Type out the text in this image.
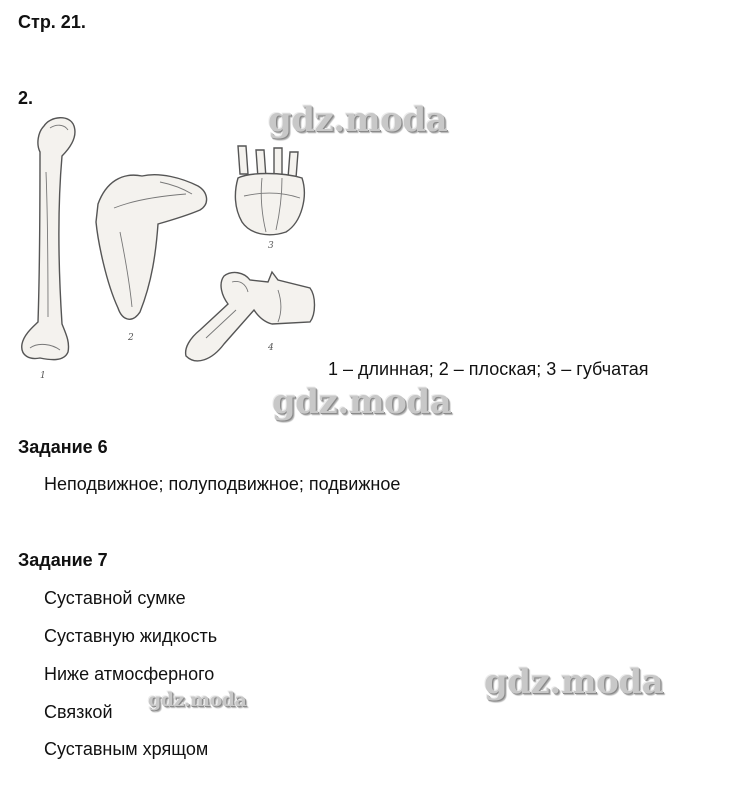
Стр. 21.
2.
1
2
3
4
1 – длинная; 2 – плоская; 3 – губчатая
gdz.moda
gdz.moda
gdz.moda
gdz.moda
Задание 6
Неподвижное; полуподвижное; подвижное
Задание 7
Суставной сумке
Суставную жидкость
Ниже атмосферного
Связкой
Суставным хрящом
